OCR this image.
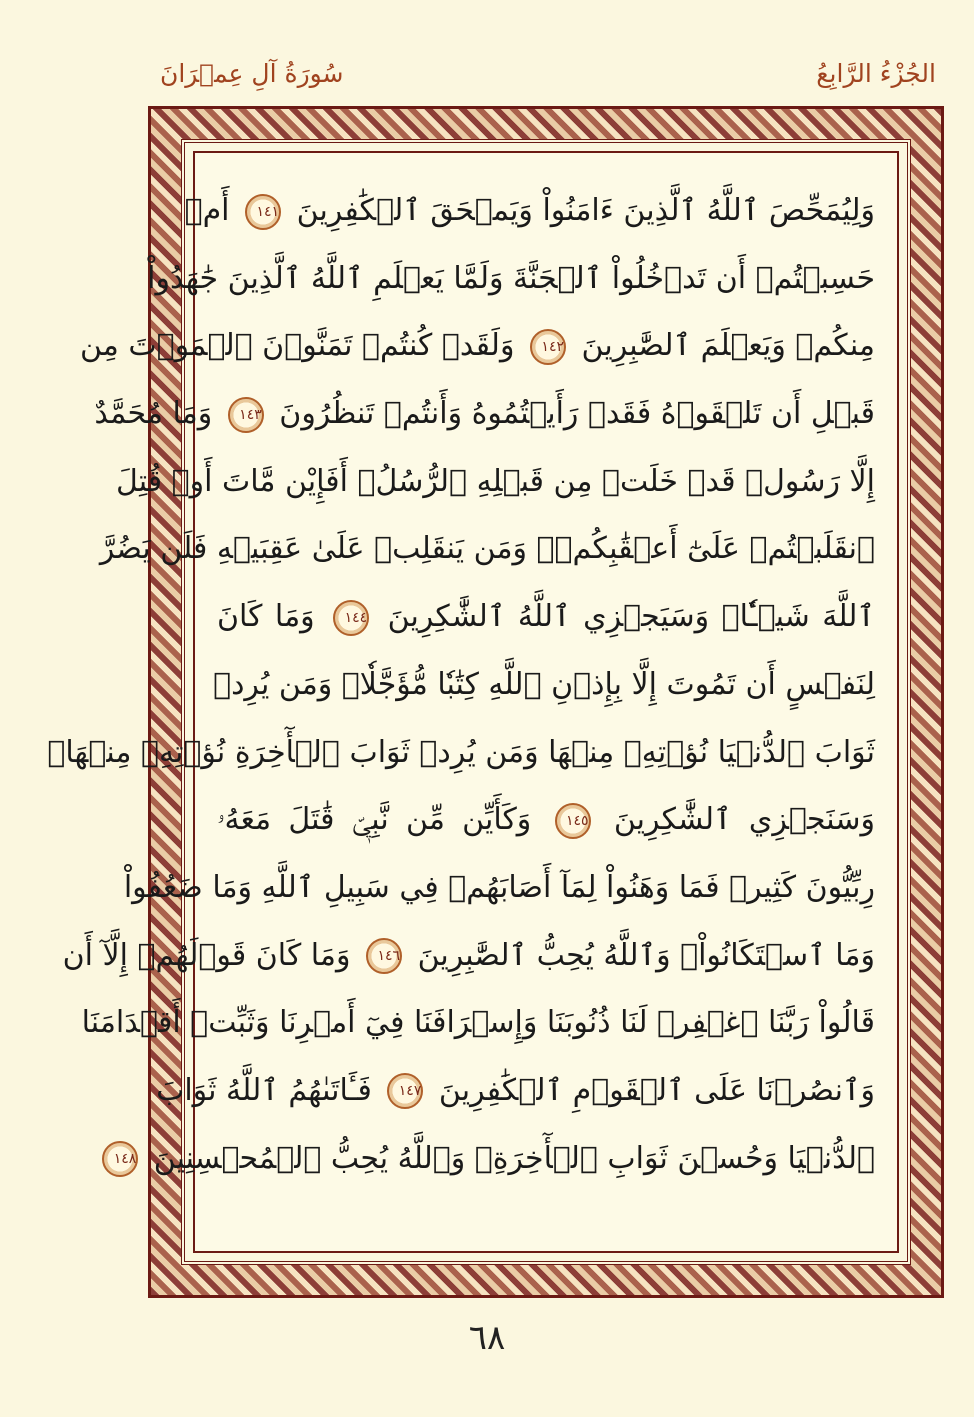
سُورَةُ آلِ عِمۡرَانَ	الجُزْءُ الرَّابِعُ
وَلِيُمَحِّصَ ٱللَّهُ ٱلَّذِينَ ءَامَنُواْ وَيَمۡحَقَ ٱلۡكَٰفِرِينَ ١٤١ أَمۡ
حَسِبۡتُمۡ أَن تَدۡخُلُواْ ٱلۡجَنَّةَ وَلَمَّا يَعۡلَمِ ٱللَّهُ ٱلَّذِينَ جَٰهَدُواْ
مِنكُمۡ وَيَعۡلَمَ ٱلصَّٰبِرِينَ ١٤٢ وَلَقَدۡ كُنتُمۡ تَمَنَّوۡنَ ٱلۡمَوۡتَ مِن
قَبۡلِ أَن تَلۡقَوۡهُ فَقَدۡ رَأَيۡتُمُوهُ وَأَنتُمۡ تَنظُرُونَ ١٤٣ وَمَا مُحَمَّدٌ
إِلَّا رَسُولٞ قَدۡ خَلَتۡ مِن قَبۡلِهِ ٱلرُّسُلُۚ أَفَإِيْن مَّاتَ أَوۡ قُتِلَ
ٱنقَلَبۡتُمۡ عَلَىٰٓ أَعۡقَٰبِكُمۡۚ وَمَن يَنقَلِبۡ عَلَىٰ عَقِبَيۡهِ فَلَن يَضُرَّ
ٱللَّهَ شَيۡـٔٗاۗ وَسَيَجۡزِي ٱللَّهُ ٱلشَّٰكِرِينَ ١٤٤ وَمَا كَانَ
لِنَفۡسٍ أَن تَمُوتَ إِلَّا بِإِذۡنِ ٱللَّهِ كِتَٰبٗا مُّؤَجَّلٗاۗ وَمَن يُرِدۡ
ثَوَابَ ٱلدُّنۡيَا نُؤۡتِهِۦ مِنۡهَا وَمَن يُرِدۡ ثَوَابَ ٱلۡأٓخِرَةِ نُؤۡتِهِۦ مِنۡهَاۚ
وَسَنَجۡزِي ٱلشَّٰكِرِينَ ١٤٥ وَكَأَيِّن مِّن نَّبِيّٖ قَٰتَلَ مَعَهُۥ
رِبِّيُّونَ كَثِيرٞ فَمَا وَهَنُواْ لِمَآ أَصَابَهُمۡ فِي سَبِيلِ ٱللَّهِ وَمَا ضَعُفُواْ
وَمَا ٱسۡتَكَانُواْۗ وَٱللَّهُ يُحِبُّ ٱلصَّٰبِرِينَ ١٤٦ وَمَا كَانَ قَوۡلَهُمۡ إِلَّآ أَن
قَالُواْ رَبَّنَا ٱغۡفِرۡ لَنَا ذُنُوبَنَا وَإِسۡرَافَنَا فِيٓ أَمۡرِنَا وَثَبِّتۡ أَقۡدَامَنَا
وَٱنصُرۡنَا عَلَى ٱلۡقَوۡمِ ٱلۡكَٰفِرِينَ ١٤٧ فَـَٔاتَىٰهُمُ ٱللَّهُ ثَوَابَ
ٱلدُّنۡيَا وَحُسۡنَ ثَوَابِ ٱلۡأٓخِرَةِۗ وَٱللَّهُ يُحِبُّ ٱلۡمُحۡسِنِينَ ١٤٨
٦٨
